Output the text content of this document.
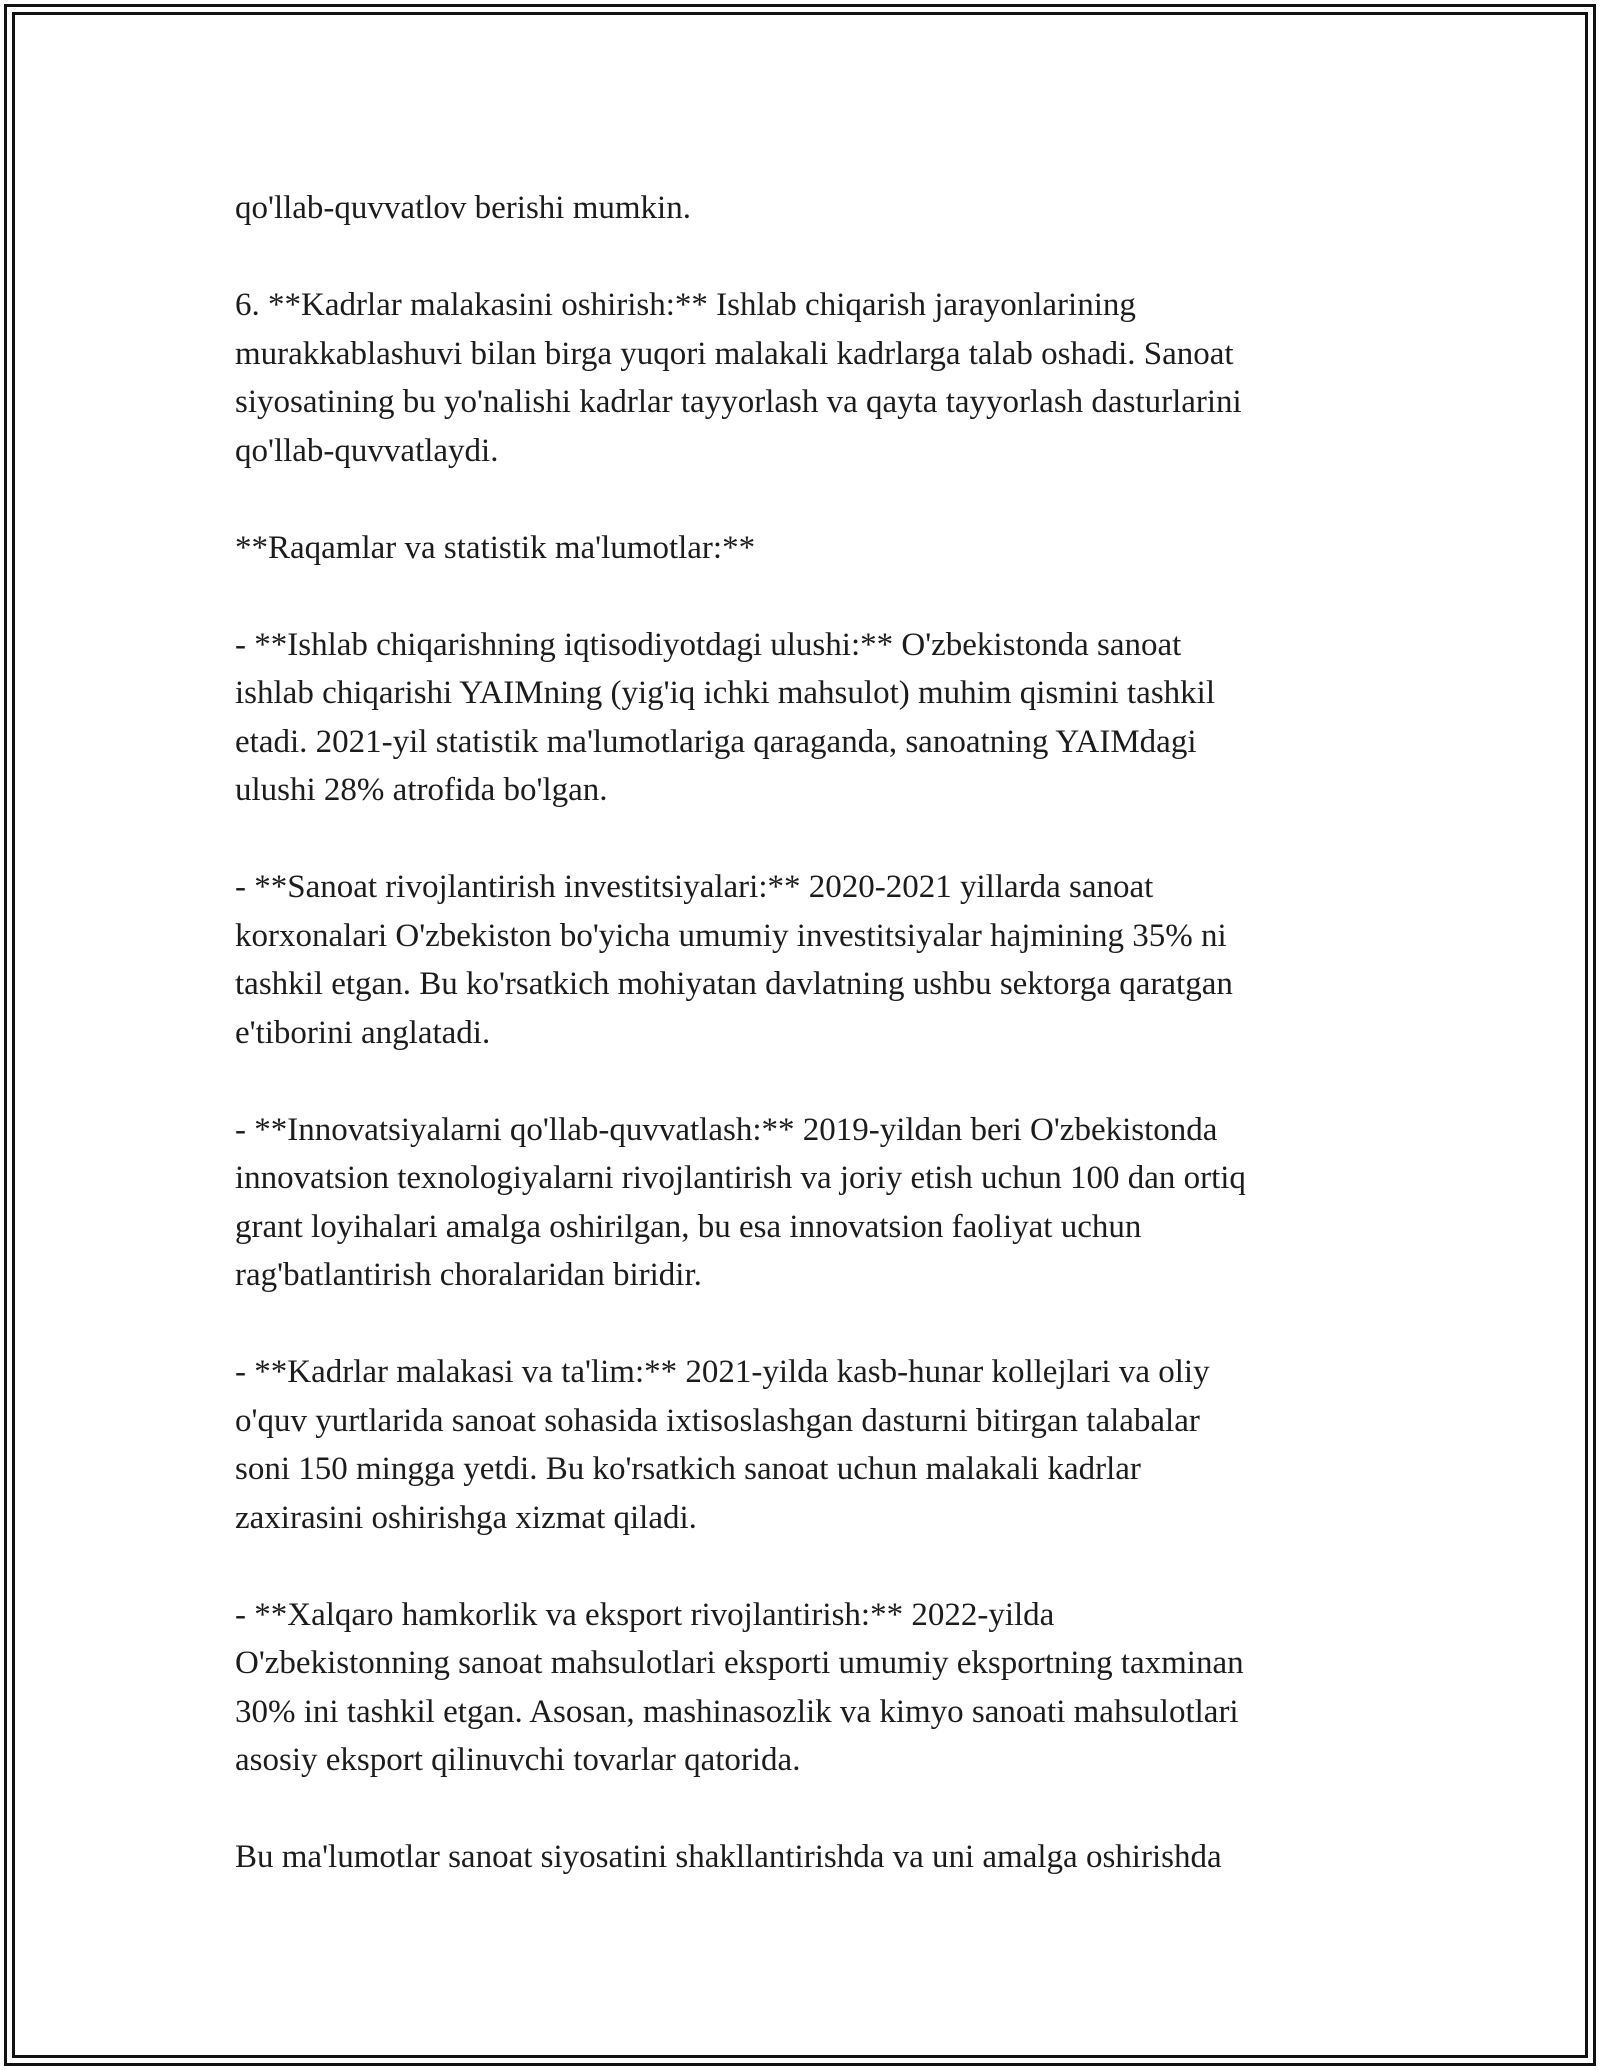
qo'llab-quvvatlov berishi mumkin.

6. **Kadrlar malakasini oshirish:** Ishlab chiqarish jarayonlarining
murakkablashuvi bilan birga yuqori malakali kadrlarga talab oshadi. Sanoat
siyosatining bu yo'nalishi kadrlar tayyorlash va qayta tayyorlash dasturlarini
qo'llab-quvvatlaydi.

**Raqamlar va statistik ma'lumotlar:**

- **Ishlab chiqarishning iqtisodiyotdagi ulushi:** O'zbekistonda sanoat
ishlab chiqarishi YAIMning (yig'iq ichki mahsulot) muhim qismini tashkil
etadi. 2021-yil statistik ma'lumotlariga qaraganda, sanoatning YAIMdagi
ulushi 28% atrofida bo'lgan.

- **Sanoat rivojlantirish investitsiyalari:** 2020-2021 yillarda sanoat
korxonalari O'zbekiston bo'yicha umumiy investitsiyalar hajmining 35% ni
tashkil etgan. Bu ko'rsatkich mohiyatan davlatning ushbu sektorga qaratgan
e'tiborini anglatadi.

- **Innovatsiyalarni qo'llab-quvvatlash:** 2019-yildan beri O'zbekistonda
innovatsion texnologiyalarni rivojlantirish va joriy etish uchun 100 dan ortiq
grant loyihalari amalga oshirilgan, bu esa innovatsion faoliyat uchun
rag'batlantirish choralaridan biridir.

- **Kadrlar malakasi va ta'lim:** 2021-yilda kasb-hunar kollejlari va oliy
o'quv yurtlarida sanoat sohasida ixtisoslashgan dasturni bitirgan talabalar
soni 150 mingga yetdi. Bu ko'rsatkich sanoat uchun malakali kadrlar
zaxirasini oshirishga xizmat qiladi.

- **Xalqaro hamkorlik va eksport rivojlantirish:** 2022-yilda
O'zbekistonning sanoat mahsulotlari eksporti umumiy eksportning taxminan
30% ini tashkil etgan. Asosan, mashinasozlik va kimyo sanoati mahsulotlari
asosiy eksport qilinuvchi tovarlar qatorida.

Bu ma'lumotlar sanoat siyosatini shakllantirishda va uni amalga oshirishda
